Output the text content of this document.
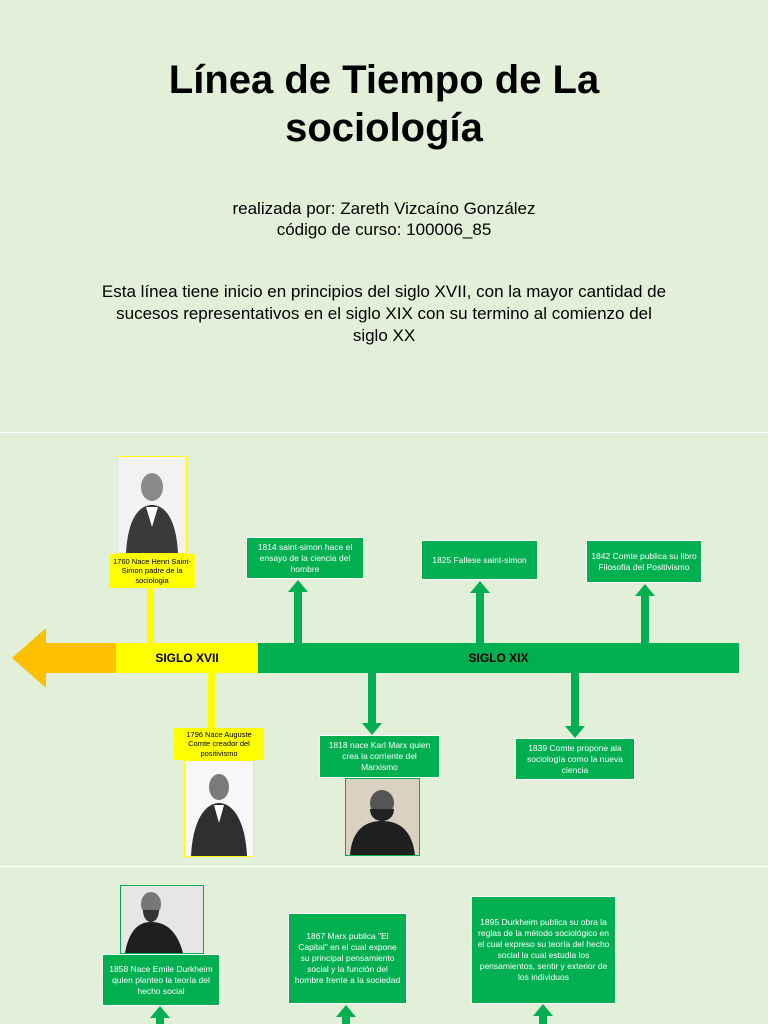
Línea de Tiempo de La
sociología
realizada por: Zareth Vizcaíno González
código de curso: 100006_85
Esta línea tiene inicio en principios del siglo XVII, con la mayor cantidad de sucesos representativos en el siglo XIX con su termino al comienzo del siglo XX
SIGLO XVII	SIGLO XIX
1760 Nace Henri Saint-Simon padre de la sociologia
1796 Nace Auguste Comte creador del positivismo
1814 saint-simon hace el ensayo de la ciencia del hombre
1818 nace Karl Marx quien crea la corriente del Marxismo
1825 Fallese saint-simon
1839 Comte propone ala sociología como la nueva ciencia
1842 Comte publica su libro Filosofía del Positivismo
1858 Nace Emile Durkheim quien planteo la teoría del hecho social
1867 Marx publica "El Capital" en el cual expone su principal pensamiento social y la función del hombre frente a la sociedad
1895 Durkheim publica su obra la reglas de la método sociológico en el cual expreso su teoría del hecho social la cual estudia los pensamientos, sentir y exterior de los individuos
